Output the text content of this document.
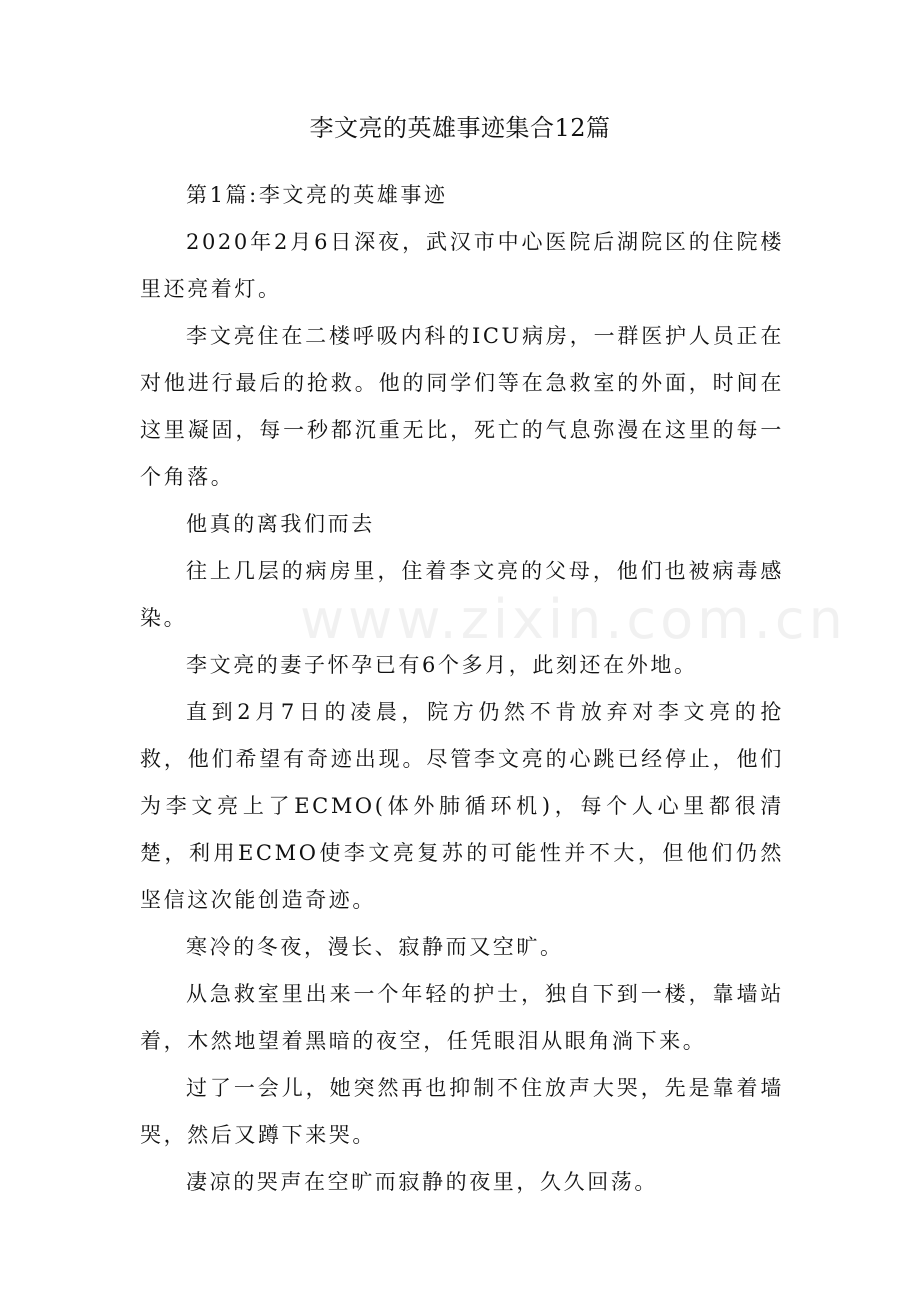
www.zixin.com.cn
李文亮的英雄事迹集合12篇

第1篇:李文亮的英雄事迹

2020年2月6日深夜，武汉市中心医院后湖院区的住院楼里还亮着灯。

李文亮住在二楼呼吸内科的ICU病房，一群医护人员正在对他进行最后的抢救。他的同学们等在急救室的外面，时间在这里凝固，每一秒都沉重无比，死亡的气息弥漫在这里的每一个角落。

他真的离我们而去

往上几层的病房里，住着李文亮的父母，他们也被病毒感染。

李文亮的妻子怀孕已有6个多月，此刻还在外地。

直到2月7日的凌晨，院方仍然不肯放弃对李文亮的抢救，他们希望有奇迹出现。尽管李文亮的心跳已经停止，他们为李文亮上了ECMO(体外肺循环机)，每个人心里都很清楚，利用ECMO使李文亮复苏的可能性并不大，但他们仍然坚信这次能创造奇迹。

寒冷的冬夜，漫长、寂静而又空旷。

从急救室里出来一个年轻的护士，独自下到一楼，靠墙站着，木然地望着黑暗的夜空，任凭眼泪从眼角淌下来。

过了一会儿，她突然再也抑制不住放声大哭，先是靠着墙哭，然后又蹲下来哭。

凄凉的哭声在空旷而寂静的夜里，久久回荡。
